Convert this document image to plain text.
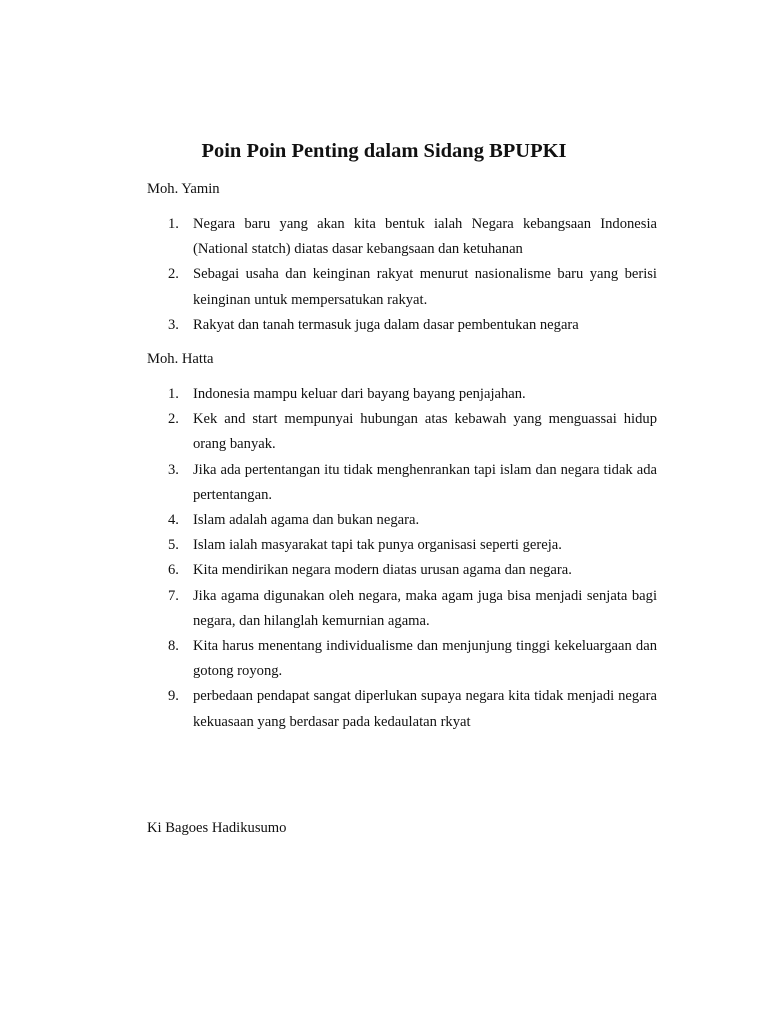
Poin Poin Penting dalam Sidang BPUPKI

Moh. Yamin

1. Negara baru yang akan kita bentuk ialah Negara kebangsaan Indonesia (National statch) diatas dasar kebangsaan dan ketuhanan
2. Sebagai usaha dan keinginan rakyat menurut nasionalisme baru yang berisi keinginan untuk mempersatukan rakyat.
3. Rakyat dan tanah termasuk juga dalam dasar pembentukan negara

Moh. Hatta

1. Indonesia mampu keluar dari bayang bayang penjajahan.
2. Kek and start mempunyai hubungan atas kebawah yang menguassai hidup orang banyak.
3. Jika ada pertentangan itu tidak menghenrankan tapi islam dan negara tidak ada pertentangan.
4. Islam adalah agama dan bukan negara.
5. Islam ialah masyarakat tapi tak punya organisasi seperti gereja.
6. Kita mendirikan negara modern diatas urusan agama dan negara.
7. Jika agama digunakan oleh negara, maka agam juga bisa menjadi senjata bagi negara, dan hilanglah kemurnian agama.
8. Kita harus menentang individualisme dan menjunjung tinggi kekeluargaan dan gotong royong.
9. perbedaan pendapat sangat diperlukan supaya negara kita tidak menjadi negara kekuasaan yang berdasar pada kedaulatan rkyat

Ki Bagoes Hadikusumo
